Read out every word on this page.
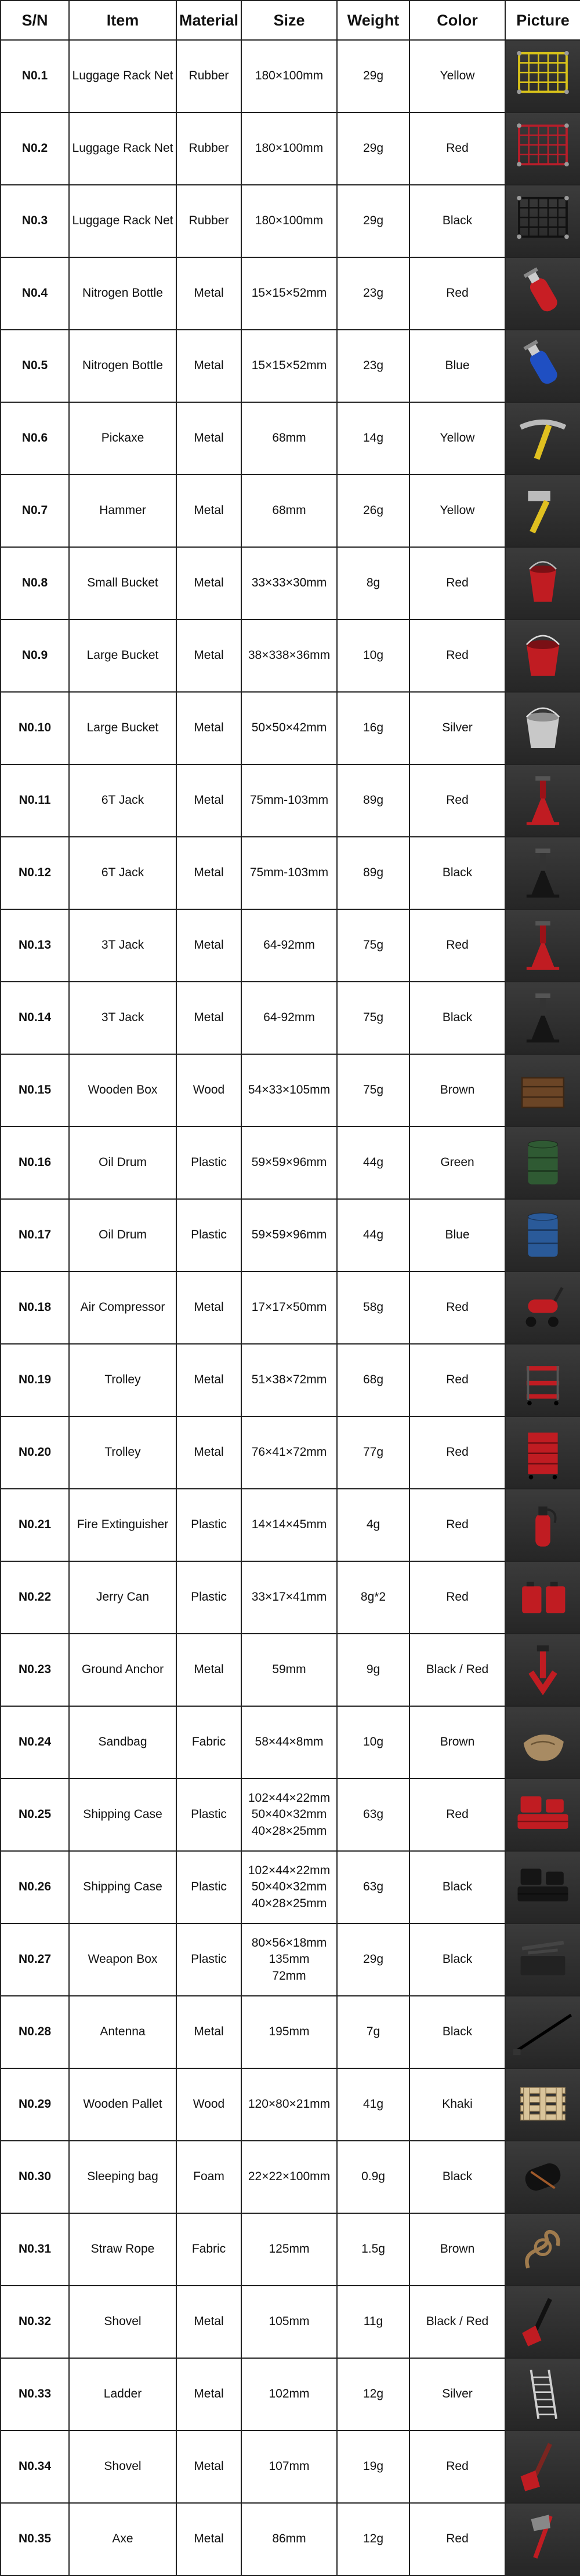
S/N	Item	Material	Size	Weight	Color	Picture
N0.1	Luggage Rack Net	Rubber	180×100mm	29g	Yellow	

N0.2	Luggage Rack Net	Rubber	180×100mm	29g	Red	

N0.3	Luggage Rack Net	Rubber	180×100mm	29g	Black	

N0.4	Nitrogen Bottle	Metal	15×15×52mm	23g	Red	

N0.5	Nitrogen Bottle	Metal	15×15×52mm	23g	Blue	

N0.6	Pickaxe	Metal	68mm	14g	Yellow	

N0.7	Hammer	Metal	68mm	26g	Yellow	

N0.8	Small Bucket	Metal	33×33×30mm	8g	Red	

N0.9	Large Bucket	Metal	38×338×36mm	10g	Red	

N0.10	Large Bucket	Metal	50×50×42mm	16g	Silver	

N0.11	6T Jack	Metal	75mm-103mm	89g	Red	

N0.12	6T Jack	Metal	75mm-103mm	89g	Black	

N0.13	3T Jack	Metal	64-92mm	75g	Red	

N0.14	3T Jack	Metal	64-92mm	75g	Black	

N0.15	Wooden Box	Wood	54×33×105mm	75g	Brown	

N0.16	Oil Drum	Plastic	59×59×96mm	44g	Green	

N0.17	Oil Drum	Plastic	59×59×96mm	44g	Blue	

N0.18	Air Compressor	Metal	17×17×50mm	58g	Red	

N0.19	Trolley	Metal	51×38×72mm	68g	Red	

N0.20	Trolley	Metal	76×41×72mm	77g	Red	

N0.21	Fire Extinguisher	Plastic	14×14×45mm	4g	Red	

N0.22	Jerry Can	Plastic	33×17×41mm	8g*2	Red	

N0.23	Ground Anchor	Metal	59mm	9g	Black / Red	

N0.24	Sandbag	Fabric	58×44×8mm	10g	Brown	

N0.25	Shipping Case	Plastic	102×44×22mm
50×40×32mm
40×28×25mm	63g	Red	

N0.26	Shipping Case	Plastic	102×44×22mm
50×40×32mm
40×28×25mm	63g	Black	

N0.27	Weapon Box	Plastic	80×56×18mm
135mm
72mm	29g	Black	

N0.28	Antenna	Metal	195mm	7g	Black	

N0.29	Wooden Pallet	Wood	120×80×21mm	41g	Khaki	

N0.30	Sleeping bag	Foam	22×22×100mm	0.9g	Black	

N0.31	Straw Rope	Fabric	125mm	1.5g	Brown	

N0.32	Shovel	Metal	105mm	11g	Black / Red	

N0.33	Ladder	Metal	102mm	12g	Silver	

N0.34	Shovel	Metal	107mm	19g	Red	

N0.35	Axe	Metal	86mm	12g	Red	
